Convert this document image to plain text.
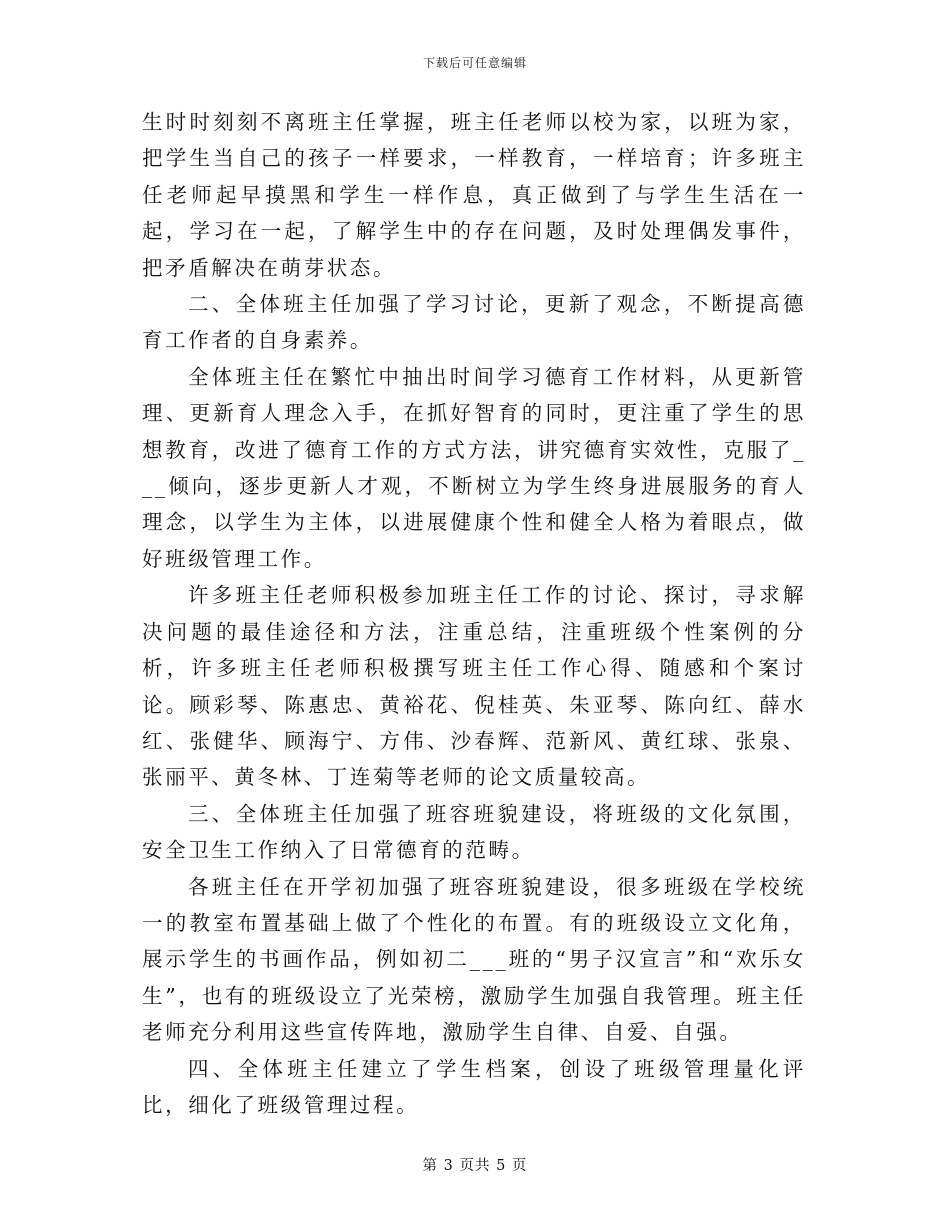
下载后可任意编辑

生时时刻刻不离班主任掌握，班主任老师以校为家，以班为家，把学生当自己的孩子一样要求，一样教育，一样培育；许多班主任老师起早摸黑和学生一样作息，真正做到了与学生生活在一起，学习在一起，了解学生中的存在问题，及时处理偶发事件，把矛盾解决在萌芽状态。

二、全体班主任加强了学习讨论，更新了观念，不断提高德育工作者的自身素养。

全体班主任在繁忙中抽出时间学习德育工作材料，从更新管理、更新育人理念入手，在抓好智育的同时，更注重了学生的思想教育，改进了德育工作的方式方法，讲究德育实效性，克服了___倾向，逐步更新人才观，不断树立为学生终身进展服务的育人理念，以学生为主体，以进展健康个性和健全人格为着眼点，做好班级管理工作。

许多班主任老师积极参加班主任工作的讨论、探讨，寻求解决问题的最佳途径和方法，注重总结，注重班级个性案例的分析，许多班主任老师积极撰写班主任工作心得、随感和个案讨论。顾彩琴、陈惠忠、黄裕花、倪桂英、朱亚琴、陈向红、薛水红、张健华、顾海宁、方伟、沙春辉、范新风、黄红球、张泉、张丽平、黄冬林、丁连菊等老师的论文质量较高。

三、全体班主任加强了班容班貌建设，将班级的文化氛围，安全卫生工作纳入了日常德育的范畴。

各班主任在开学初加强了班容班貌建设，很多班级在学校统一的教室布置基础上做了个性化的布置。有的班级设立文化角，展示学生的书画作品，例如初二___班的“男子汉宣言”和“欢乐女生”，也有的班级设立了光荣榜，激励学生加强自我管理。班主任老师充分利用这些宣传阵地，激励学生自律、自爱、自强。

四、全体班主任建立了学生档案，创设了班级管理量化评比，细化了班级管理过程。

第 3 页共 5 页
